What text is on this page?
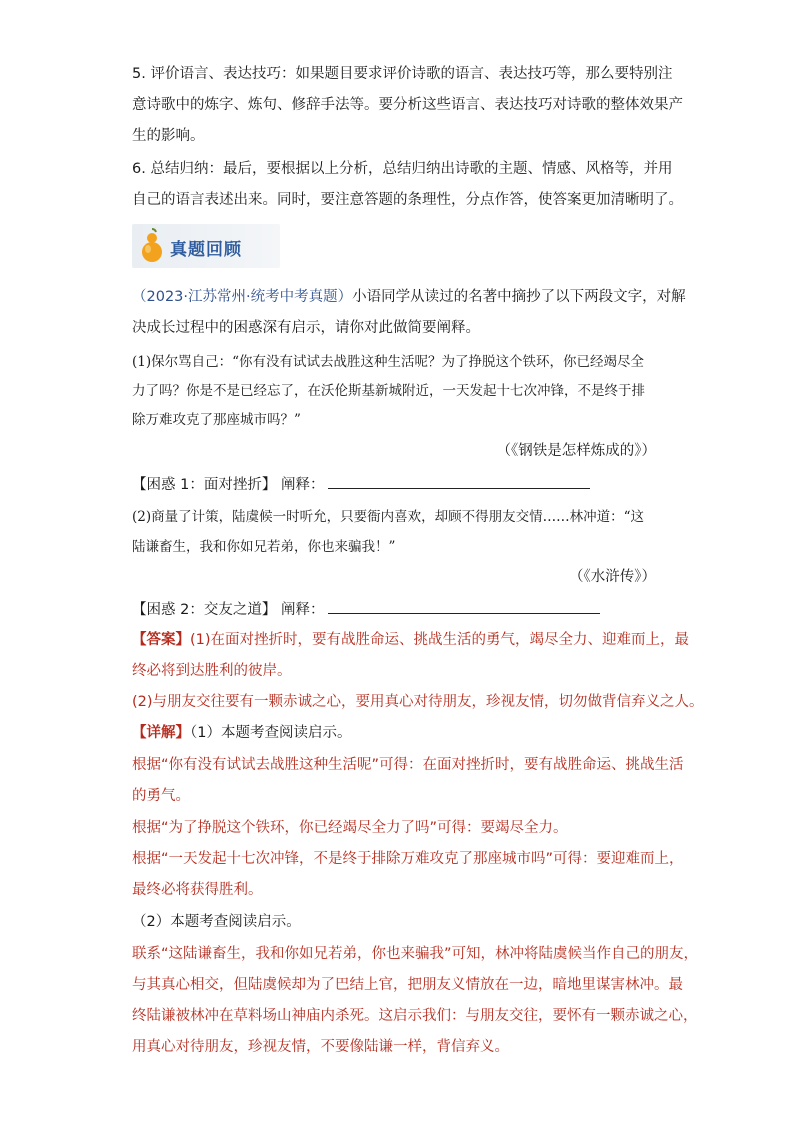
5. 评价语言、表达技巧：如果题目要求评价诗歌的语言、表达技巧等，那么要特别注
意诗歌中的炼字、炼句、修辞手法等。要分析这些语言、表达技巧对诗歌的整体效果产
生的影响。
6. 总结归纳：最后，要根据以上分析，总结归纳出诗歌的主题、情感、风格等，并用
自己的语言表述出来。同时，要注意答题的条理性，分点作答，使答案更加清晰明了。
真题回顾
（2023·江苏常州·统考中考真题）小语同学从读过的名著中摘抄了以下两段文字，对解
决成长过程中的困惑深有启示，请你对此做简要阐释。
(1)保尔骂自己：“你有没有试试去战胜这种生活呢？为了挣脱这个铁环，你已经竭尽全
力了吗？你是不是已经忘了，在沃伦斯基新城附近，一天发起十七次冲锋，不是终于排
除万难攻克了那座城市吗？”
（《钢铁是怎样炼成的》）
【困惑 1：面对挫折】 阐释：
(2)商量了计策，陆虞候一时听允，只要衙内喜欢，却顾不得朋友交情……林冲道：“这
陆谦畜生，我和你如兄若弟，你也来骗我！”
（《水浒传》）
【困惑 2：交友之道】 阐释：
【答案】(1)在面对挫折时，要有战胜命运、挑战生活的勇气，竭尽全力、迎难而上，最
终必将到达胜利的彼岸。
(2)与朋友交往要有一颗赤诚之心，要用真心对待朋友，珍视友情，切勿做背信弃义之人。
【详解】（1）本题考查阅读启示。
根据“你有没有试试去战胜这种生活呢”可得：在面对挫折时，要有战胜命运、挑战生活
的勇气。
根据“为了挣脱这个铁环，你已经竭尽全力了吗”可得：要竭尽全力。
根据“一天发起十七次冲锋，不是终于排除万难攻克了那座城市吗”可得：要迎难而上，
最终必将获得胜利。
（2）本题考查阅读启示。
联系“这陆谦畜生，我和你如兄若弟，你也来骗我”可知，林冲将陆虞候当作自己的朋友，
与其真心相交，但陆虞候却为了巴结上官，把朋友义情放在一边，暗地里谋害林冲。最
终陆谦被林冲在草料场山神庙内杀死。这启示我们：与朋友交往，要怀有一颗赤诚之心，
用真心对待朋友，珍视友情，不要像陆谦一样，背信弃义。
